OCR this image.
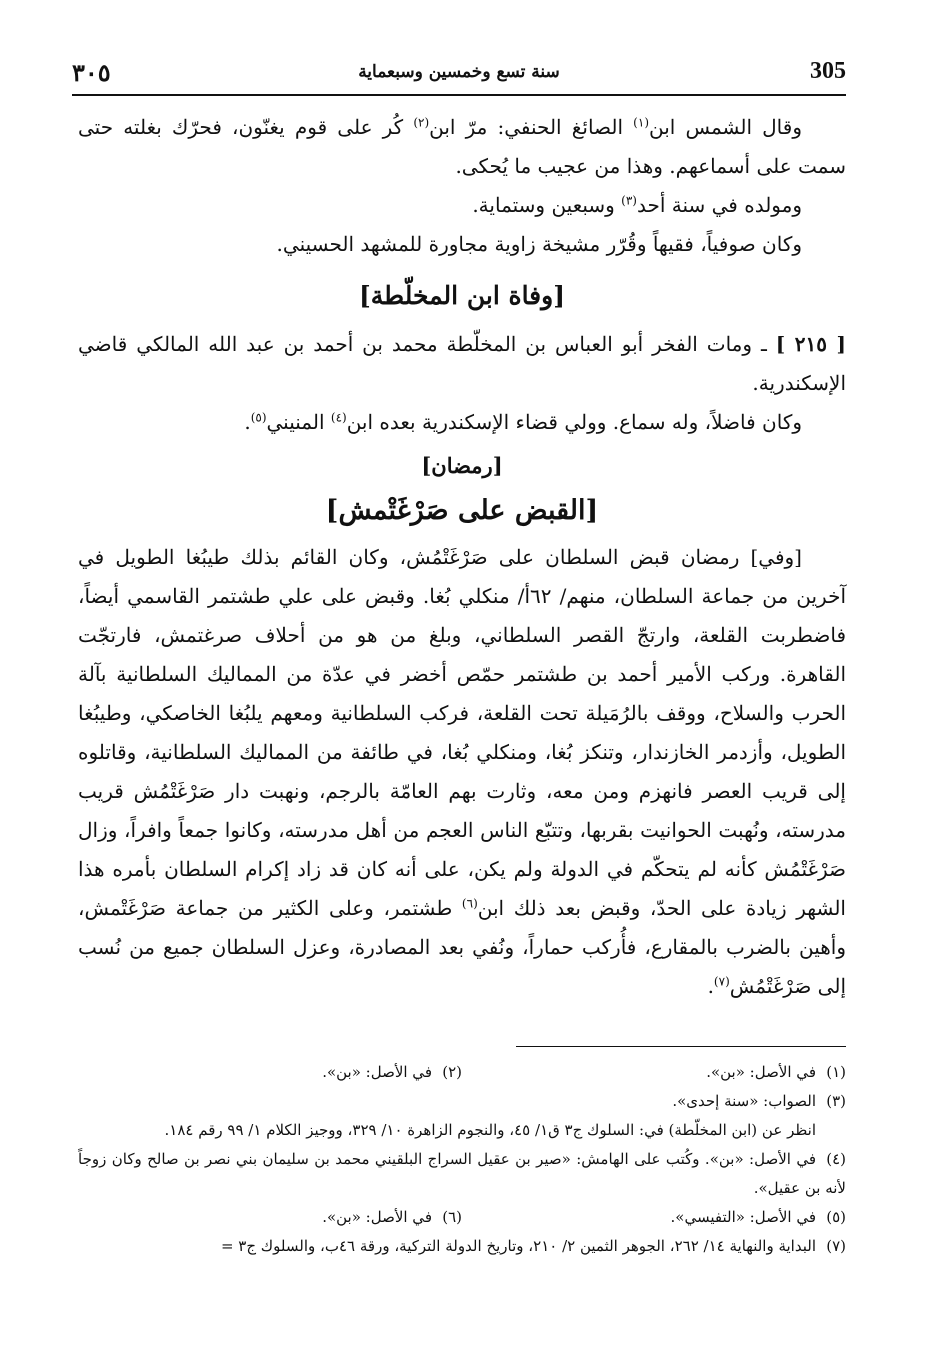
305
سنة تسع وخمسين وسبعماية
٣٠٥

وقال الشمس ابن$^{(١)}$ الصائغ الحنفي: مرّ ابن$^{(٢)}$ كُر على قوم يغنّون، فحرّك بغلته حتى سمت على أسماعهم. وهذا من عجيب ما يُحكى.

ومولده في سنة أحد$^{(٣)}$ وسبعين وستماية.

وكان صوفياً، فقيهاً وقُرّر مشيخة زاوية مجاورة للمشهد الحسيني.

[وفاة ابن المخلّطة]

[ ٢١٥ ] ـ ومات الفخر أبو العباس بن المخلّطة محمد بن أحمد بن عبد الله المالكي قاضي الإسكندرية.

وكان فاضلاً، وله سماع. وولي قضاء الإسكندرية بعده ابن$^{(٤)}$ المنيني$^{(٥)}$.

[رمضان]

[القبض على صَرْغَتْمش]

[وفي] رمضان قبض السلطان على صَرْغَتْمُش، وكان القائم بذلك طيبُغا الطويل في آخرين من جماعة السلطان، منهم/ ٦٢أ/ منكلي بُغا. وقبض على علي طشتمر القاسمي أيضاً، فاضطربت القلعة، وارتجّ القصر السلطاني، وبلغ من هو من أحلاف صرغتمش، فارتجّت القاهرة. وركب الأمير أحمد بن طشتمر حمّص أخضر في عدّة من المماليك السلطانية بآلة الحرب والسلاح، ووقف بالرُمَيلة تحت القلعة، فركب السلطانية ومعهم يلبُغا الخاصكي، وطيبُغا الطويل، وأزدمر الخازندار، وتنكز بُغا، ومنكلي بُغا، في طائفة من المماليك السلطانية، وقاتلوه إلى قريب العصر فانهزم ومن معه، وثارت بهم العامّة بالرجم، ونهبت دار صَرْغَتْمُش قريب مدرسته، ونُهبت الحوانيت بقربها، وتتبّع الناس العجم من أهل مدرسته، وكانوا جمعاً وافراً، وزال صَرْغَتْمُش كأنه لم يتحكّم في الدولة ولم يكن، على أنه كان قد زاد إكرام السلطان بأمره هذا الشهر زيادة على الحدّ، وقبض بعد ذلك ابن$^{(٦)}$ طشتمر، وعلى الكثير من جماعة صَرْغَتْمش، وأهين بالضرب بالمقارع، فأُركب حماراً، ونُفي بعد المصادرة، وعزل السلطان جميع من نُسب إلى صَرْغَتْمُش$^{(٧)}$.

(١)في الأصل: «بن».
(٢)في الأصل: «بن».

(٣)الصواب: «سنة إحدى».

انظر عن (ابن المخلّطة) في: السلوك ج٣ ق١/ ٤٥، والنجوم الزاهرة ١٠/ ٣٢٩، ووجيز الكلام ١/ ٩٩ رقم ١٨٤.

(٤)في الأصل: «بن». وكُتب على الهامش: «صير بن عقيل السراج البلقيني محمد بن سليمان بني نصر بن صالح وكان زوجاً لأنه بن عقيل».

(٥)في الأصل: «التفيسي».
(٦)في الأصل: «بن».

(٧)البداية والنهاية ١٤/ ٢٦٢، الجوهر الثمين ٢/ ٢١٠، وتاريخ الدولة التركية، ورقة ٤٦ب، والسلوك ج٣ =
